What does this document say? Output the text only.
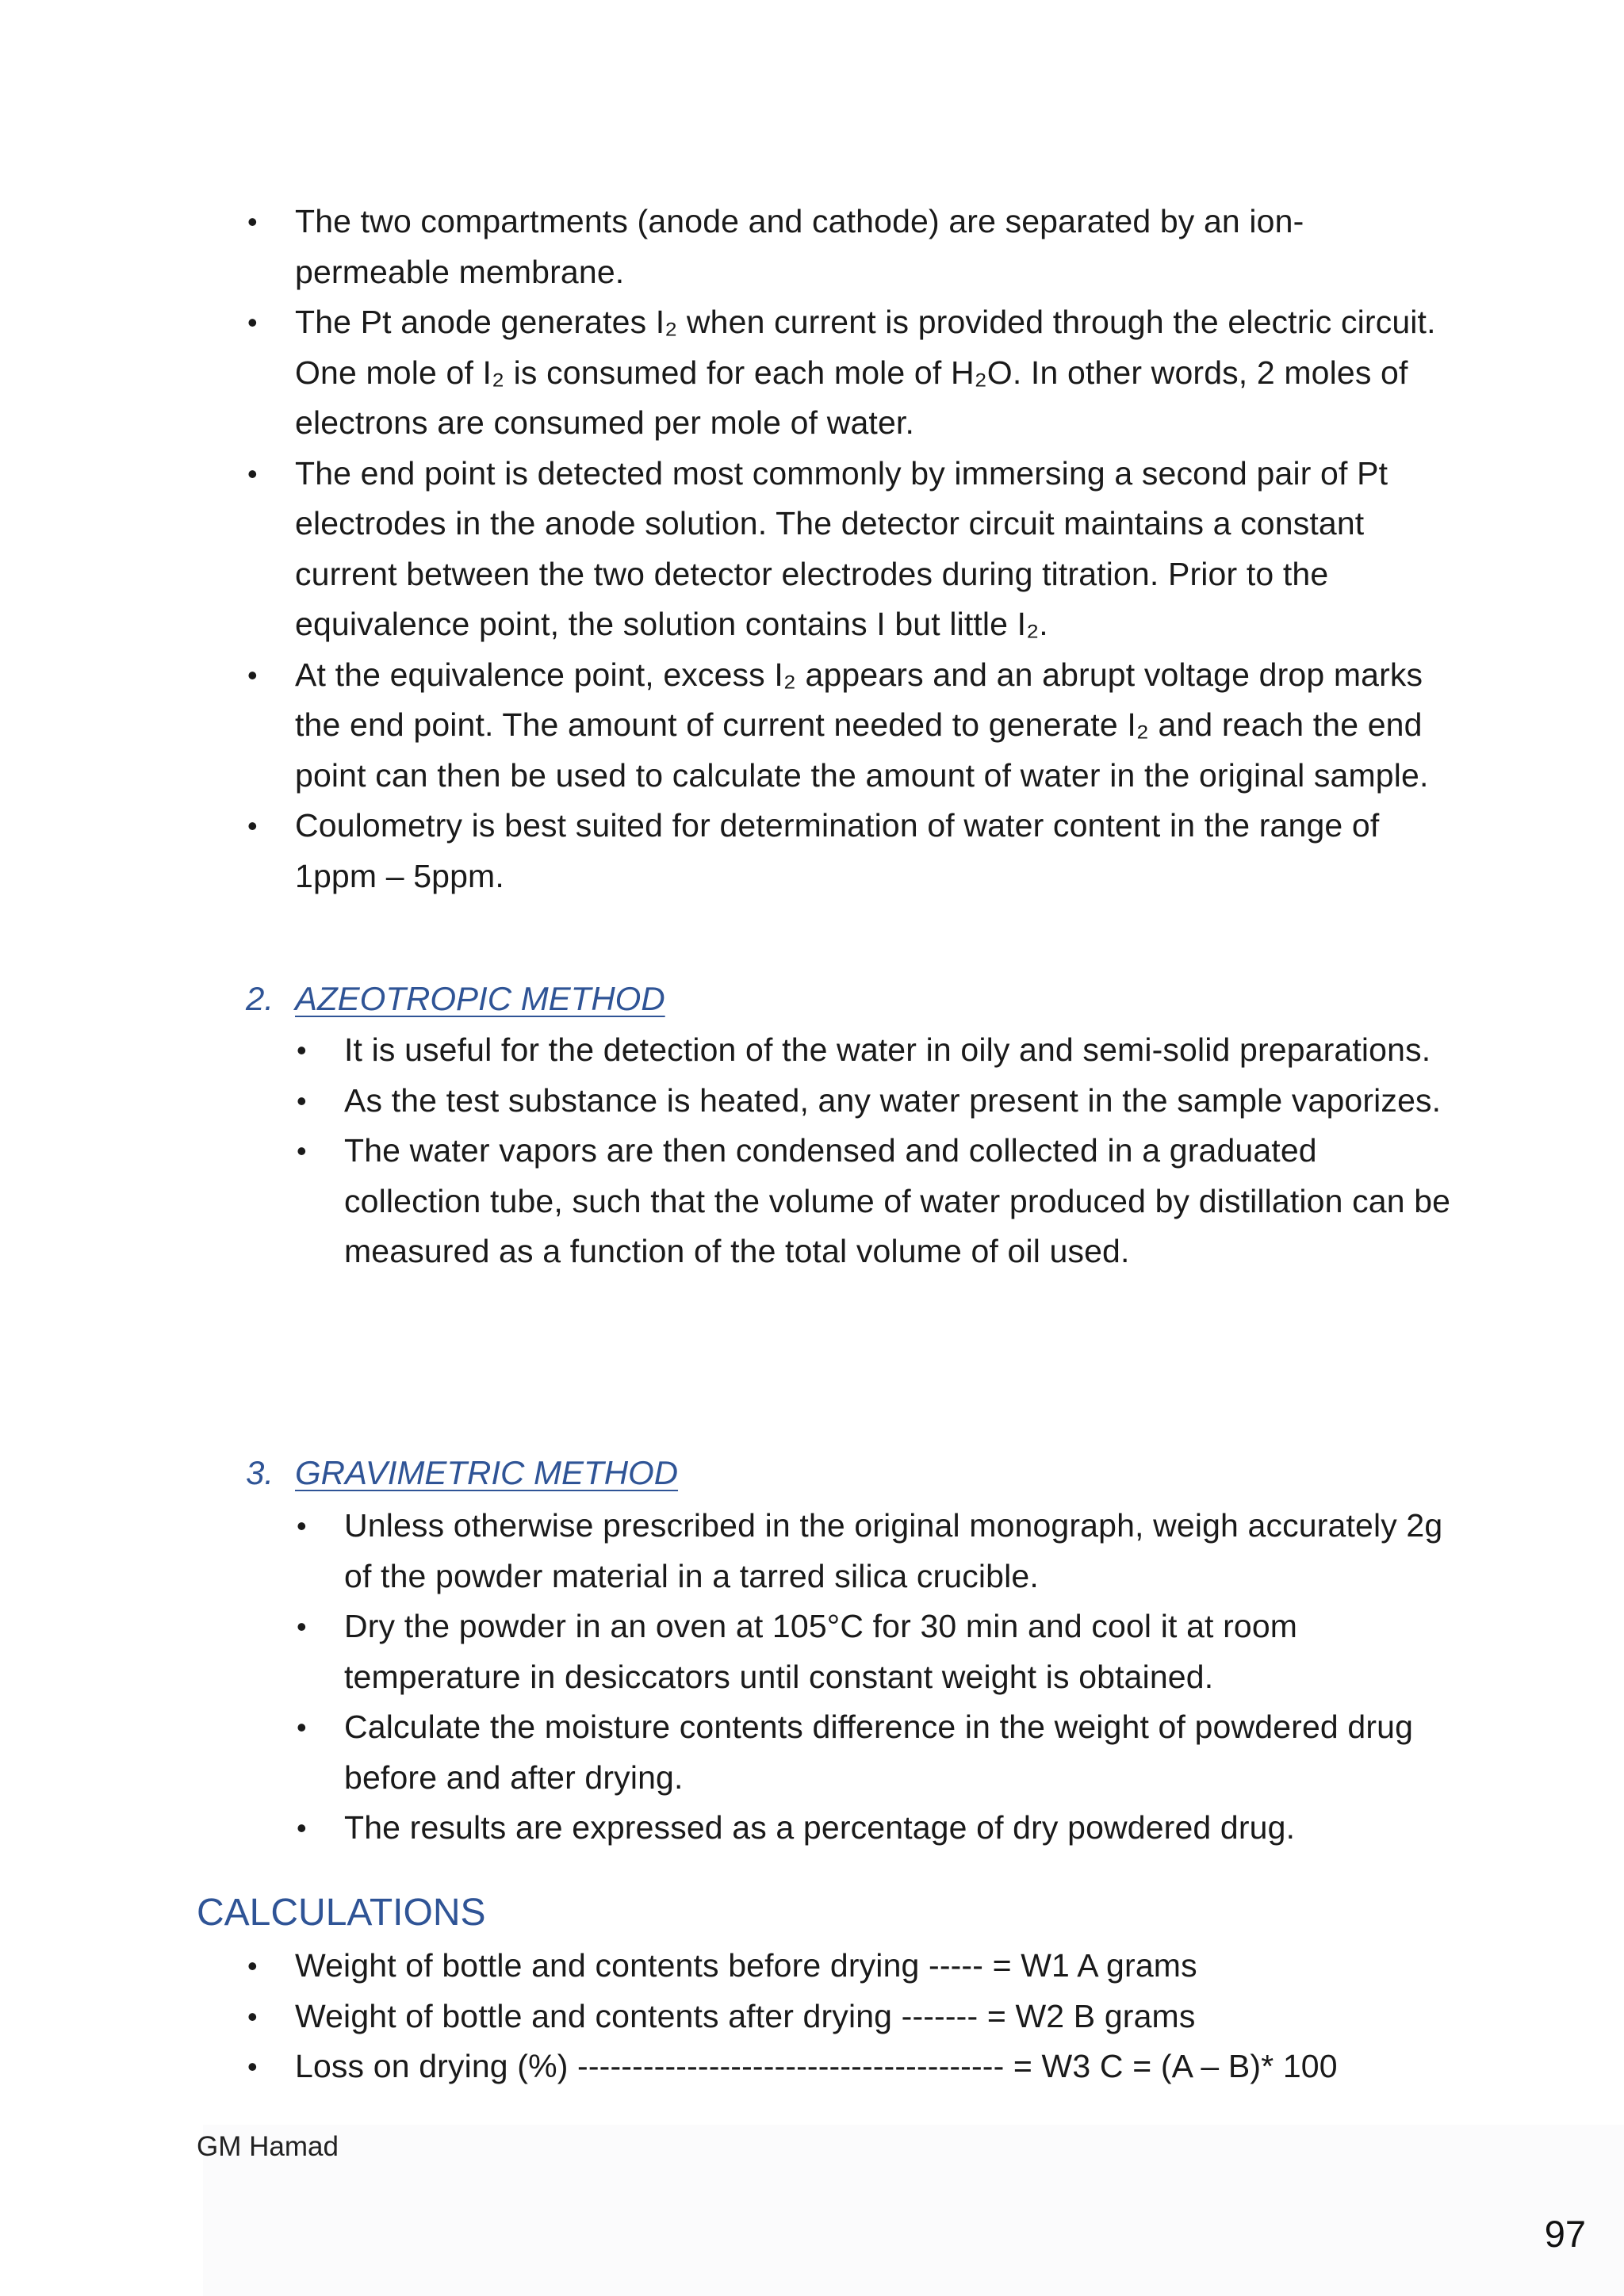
• The two compartments (anode and cathode) are separated by an ion-permeable membrane.
• The Pt anode generates I₂ when current is provided through the electric circuit. One mole of I₂ is consumed for each mole of H₂O. In other words, 2 moles of electrons are consumed per mole of water.
• The end point is detected most commonly by immersing a second pair of Pt electrodes in the anode solution. The detector circuit maintains a constant current between the two detector electrodes during titration. Prior to the equivalence point, the solution contains I but little I₂.
• At the equivalence point, excess I₂ appears and an abrupt voltage drop marks the end point. The amount of current needed to generate I₂ and reach the end point can then be used to calculate the amount of water in the original sample.
• Coulometry is best suited for determination of water content in the range of 1ppm – 5ppm.
2. AZEOTROPIC METHOD
• It is useful for the detection of the water in oily and semi-solid preparations.
• As the test substance is heated, any water present in the sample vaporizes.
• The water vapors are then condensed and collected in a graduated collection tube, such that the volume of water produced by distillation can be measured as a function of the total volume of oil used.
3. GRAVIMETRIC METHOD
• Unless otherwise prescribed in the original monograph, weigh accurately 2g of the powder material in a tarred silica crucible.
• Dry the powder in an oven at 105°C for 30 min and cool it at room temperature in desiccators until constant weight is obtained.
• Calculate the moisture contents difference in the weight of powdered drug before and after drying.
• The results are expressed as a percentage of dry powdered drug.
CALCULATIONS
• Weight of bottle and contents before drying ----- = W1 A grams
• Weight of bottle and contents after drying ------- = W2 B grams
• Loss on drying (%) --------------------------------------- = W3 C = (A – B)* 100
GM Hamad
97
